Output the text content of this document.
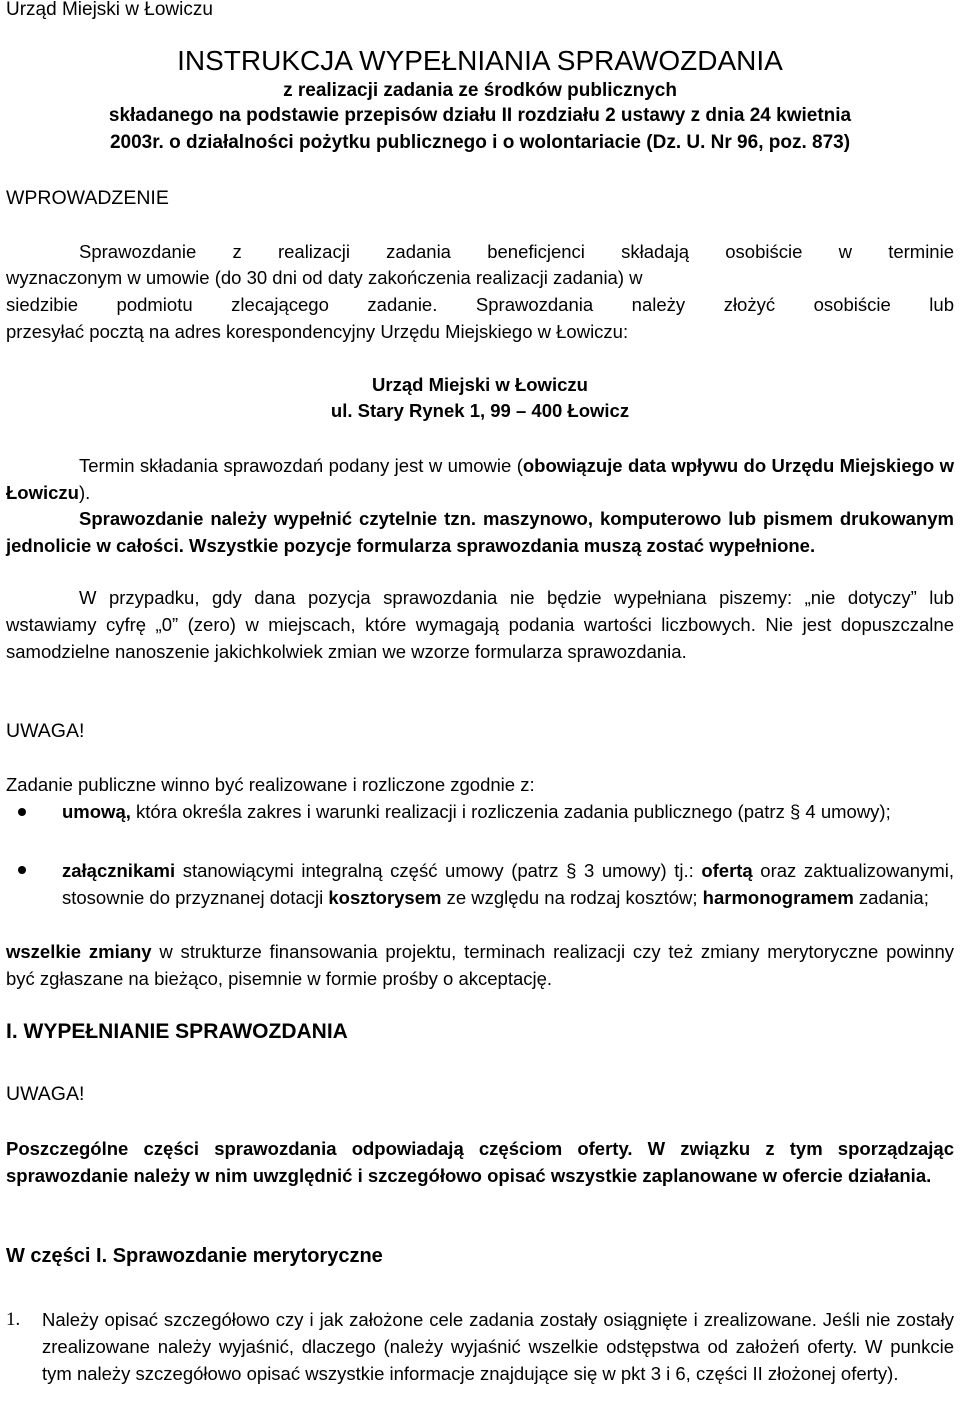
Urząd Miejski w Łowiczu
INSTRUKCJA WYPEŁNIANIA SPRAWOZDANIA
z realizacji zadania ze środków publicznych
składanego na podstawie przepisów działu II rozdziału 2 ustawy z dnia 24 kwietnia
2003r. o działalności pożytku publicznego i o wolontariacie (Dz. U. Nr 96, poz. 873)
WPROWADZENIE
Sprawozdanie z realizacji zadania beneficjenci składają osobiście w terminie
wyznaczonym w umowie (do 30 dni od daty zakończenia realizacji zadania) w
siedzibie podmiotu zlecającego zadanie. Sprawozdania należy złożyć osobiście lub
przesyłać pocztą na adres korespondencyjny Urzędu Miejskiego w Łowiczu:
Urząd Miejski w Łowiczu
ul. Stary Rynek 1, 99 – 400 Łowicz
Termin składania sprawozdań podany jest w umowie (obowiązuje data wpływu do Urzędu Miejskiego w Łowiczu).
Sprawozdanie należy wypełnić czytelnie tzn. maszynowo, komputerowo lub pismem drukowanym jednolicie w całości. Wszystkie pozycje formularza sprawozdania muszą zostać wypełnione.
W przypadku, gdy dana pozycja sprawozdania nie będzie wypełniana piszemy: „nie dotyczy” lub wstawiamy cyfrę „0” (zero) w miejscach, które wymagają podania wartości liczbowych. Nie jest dopuszczalne samodzielne nanoszenie jakichkolwiek zmian we wzorze formularza sprawozdania.
UWAGA!
Zadanie publiczne winno być realizowane i rozliczone zgodnie z:
umową, która określa zakres i warunki realizacji i rozliczenia zadania publicznego (patrz § 4 umowy);
załącznikami stanowiącymi integralną część umowy (patrz § 3 umowy) tj.: ofertą oraz zaktualizowanymi, stosownie do przyznanej dotacji kosztorysem ze względu na rodzaj kosztów; harmonogramem zadania;
wszelkie zmiany w strukturze finansowania projektu, terminach realizacji czy też zmiany merytoryczne powinny być zgłaszane na bieżąco, pisemnie w formie prośby o akceptację.
I. WYPEŁNIANIE SPRAWOZDANIA
UWAGA!
Poszczególne części sprawozdania odpowiadają częściom oferty. W związku z tym sporządzając sprawozdanie należy w nim uwzględnić i szczegółowo opisać wszystkie zaplanowane w ofercie działania.
W części I. Sprawozdanie merytoryczne
1. Należy opisać szczegółowo czy i jak założone cele zadania zostały osiągnięte i zrealizowane. Jeśli nie zostały zrealizowane należy wyjaśnić, dlaczego (należy wyjaśnić wszelkie odstępstwa od założeń oferty. W punkcie tym należy szczegółowo opisać wszystkie informacje znajdujące się w pkt 3 i 6, części II złożonej oferty).
